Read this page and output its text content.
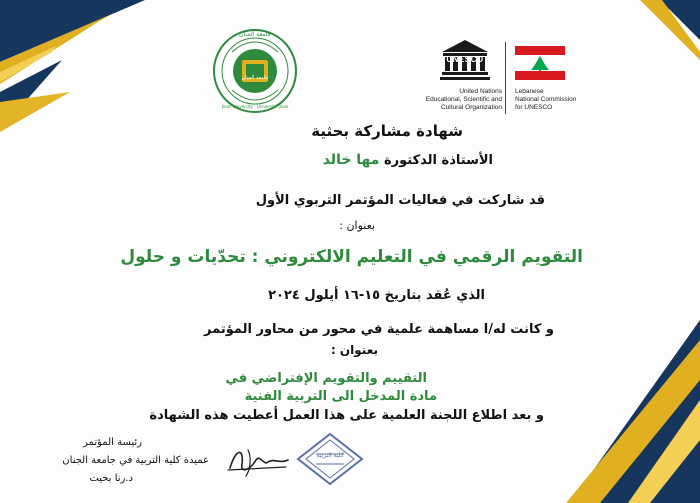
جامعة الجنان
Jinan University - Université Jinan
جامعة الجنان
UNESCO
United Nations
Educational, Scientific and
Cultural Organization
Lebanese
National Commission
for UNESCO
شهادة مشاركة بحثية
الأستاذة الدكتورة مها خالد
قد شاركت في فعاليات المؤتمر التربوي الأول
بعنوان :
التقويم الرقمي في التعليم الالكتروني : تحدّيات و حلول
الذي عُقد بتاريخ ١٥-١٦ أيلول ٢٠٢٤
و كانت له/ا مساهمة علمية في محور من محاور المؤتمر
بعنوان :
التقييم والتقويم الإفتراضي في
مادة المدخل الى التربية الفنية
و بعد اطلاع اللجنة العلمية على هذا العمل أعطيت هذه الشهادة
رئيسة المؤتمر
عميدة كلية التربية في جامعة الجنان
د.رنا بخيت
كلية التربية
